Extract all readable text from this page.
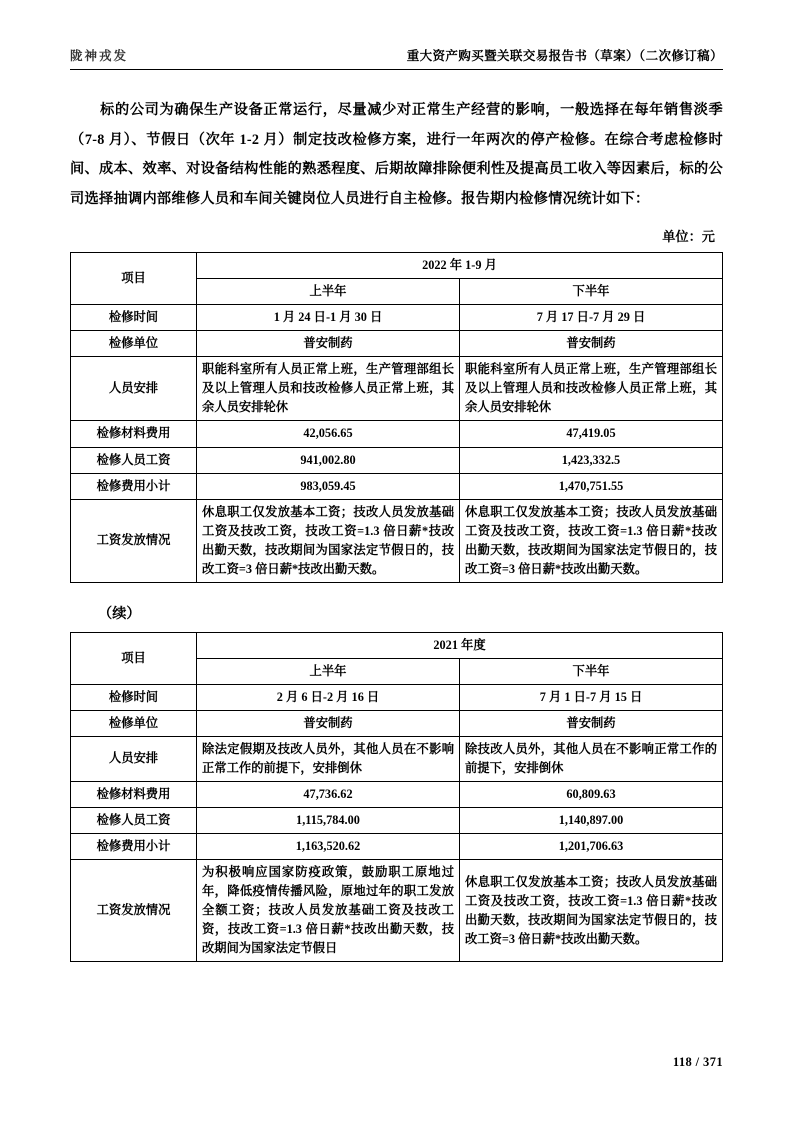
陇神戎发	重大资产购买暨关联交易报告书（草案）（二次修订稿）
标的公司为确保生产设备正常运行，尽量减少对正常生产经营的影响，一般选择在每年销售淡季（7-8 月）、节假日（次年 1-2 月）制定技改检修方案，进行一年两次的停产检修。在综合考虑检修时间、成本、效率、对设备结构性能的熟悉程度、后期故障排除便利性及提高员工收入等因素后，标的公司选择抽调内部维修人员和车间关键岗位人员进行自主检修。报告期内检修情况统计如下：
单位：元
项目	2022 年 1-9 月	
	上半年	下半年
检修时间	1 月 24 日-1 月 30 日	7 月 17 日-7 月 29 日
检修单位	普安制药	普安制药
人员安排	职能科室所有人员正常上班，生产管理部组长及以上管理人员和技改检修人员正常上班，其余人员安排轮休	职能科室所有人员正常上班，生产管理部组长及以上管理人员和技改检修人员正常上班，其余人员安排轮休
检修材料费用	42,056.65	47,419.05
检修人员工资	941,002.80	1,423,332.5
检修费用小计	983,059.45	1,470,751.55
工资发放情况	休息职工仅发放基本工资；技改人员发放基础工资及技改工资，技改工资=1.3 倍日薪*技改出勤天数，技改期间为国家法定节假日的，技改工资=3 倍日薪*技改出勤天数。	休息职工仅发放基本工资；技改人员发放基础工资及技改工资，技改工资=1.3 倍日薪*技改出勤天数，技改期间为国家法定节假日的，技改工资=3 倍日薪*技改出勤天数。
（续）
项目	2021 年度	
	上半年	下半年
检修时间	2 月 6 日-2 月 16 日	7 月 1 日-7 月 15 日
检修单位	普安制药	普安制药
人员安排	除法定假期及技改人员外，其他人员在不影响正常工作的前提下，安排倒休	除技改人员外，其他人员在不影响正常工作的前提下，安排倒休
检修材料费用	47,736.62	60,809.63
检修人员工资	1,115,784.00	1,140,897.00
检修费用小计	1,163,520.62	1,201,706.63
工资发放情况	为积极响应国家防疫政策，鼓励职工原地过年，降低疫情传播风险，原地过年的职工发放全额工资；技改人员发放基础工资及技改工资，技改工资=1.3 倍日薪*技改出勤天数，技改期间为国家法定节假日	休息职工仅发放基本工资；技改人员发放基础工资及技改工资，技改工资=1.3 倍日薪*技改出勤天数，技改期间为国家法定节假日的，技改工资=3 倍日薪*技改出勤天数。
118 / 371
